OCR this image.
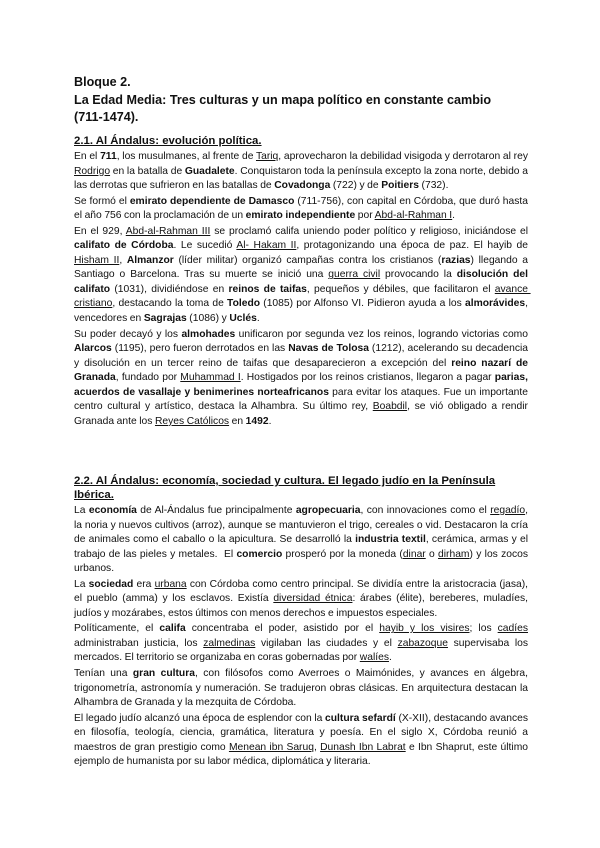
Bloque 2.
La Edad Media: Tres culturas y un mapa político en constante cambio
(711-1474).
2.1. Al Ándalus: evolución política.

En el 711, los musulmanes, al frente de Tariq, aprovecharon la debilidad visigoda y derrotaron al rey Rodrigo en la batalla de Guadalete. Conquistaron toda la península excepto la zona norte, debido a las derrotas que sufrieron en las batallas de Covadonga (722) y de Poitiers (732).

Se formó el emirato dependiente de Damasco (711-756), con capital en Córdoba, que duró hasta el año 756 con la proclamación de un emirato independiente por Abd-al-Rahman I.

En el 929, Abd-al-Rahman III se proclamó califa uniendo poder político y religioso, iniciándose el califato de Córdoba. Le sucedió Al- Hakam II, protagonizando una época de paz. El hayib de Hisham II, Almanzor (líder militar) organizó campañas contra los cristianos (razias) llegando a Santiago o Barcelona. Tras su muerte se inició una guerra civil provocando la disolución del califato (1031), dividiéndose en reinos de taifas, pequeños y débiles, que facilitaron el avance cristiano, destacando la toma de Toledo (1085) por Alfonso VI. Pidieron ayuda a los almorávides, vencedores en Sagrajas (1086) y Uclés.

Su poder decayó y los almohades unificaron por segunda vez los reinos, logrando victorias como Alarcos (1195), pero fueron derrotados en las Navas de Tolosa (1212), acelerando su decadencia y disolución en un tercer reino de taifas que desaparecieron a excepción del reino nazarí de Granada, fundado por Muhammad I. Hostigados por los reinos cristianos, llegaron a pagar parias, acuerdos de vasallaje y benimerines norteafricanos para evitar los ataques. Fue un importante centro cultural y artístico, destaca la Alhambra. Su último rey, Boabdil, se vió obligado a rendir Granada ante los Reyes Católicos en 1492.

2.2. Al Ándalus: economía, sociedad y cultura. El legado judío en la Península Ibérica.

La economía de Al-Ándalus fue principalmente agropecuaria, con innovaciones como el regadío, la noria y nuevos cultivos (arroz), aunque se mantuvieron el trigo, cereales o vid. Destacaron la cría de animales como el caballo o la apicultura. Se desarrolló la industria textil, cerámica, armas y el trabajo de las pieles y metales.  El comercio prosperó por la moneda (dinar o dirham) y los zocos urbanos.

La sociedad era urbana con Córdoba como centro principal. Se dividía entre la aristocracia (jasa), el pueblo (amma) y los esclavos. Existía diversidad étnica: árabes (élite), bereberes, muladíes, judíos y mozárabes, estos últimos con menos derechos e impuestos especiales.

Políticamente, el califa concentraba el poder, asistido por el hayib y los visires; los cadíes administraban justicia, los zalmedinas vigilaban las ciudades y el zabazoque supervisaba los mercados. El territorio se organizaba en coras gobernadas por walíes.

Tenían una gran cultura, con filósofos como Averroes o Maimónides, y avances en álgebra, trigonometría, astronomía y numeración. Se tradujeron obras clásicas. En arquitectura destacan la Alhambra de Granada y la mezquita de Córdoba.

El legado judío alcanzó una época de esplendor con la cultura sefardí (X-XII), destacando avances en filosofía, teología, ciencia, gramática, literatura y poesía. En el siglo X, Córdoba reunió a maestros de gran prestigio como Menean ibn Saruq, Dunash Ibn Labrat e Ibn Shaprut, este último ejemplo de humanista por su labor médica, diplomática y literaria.
